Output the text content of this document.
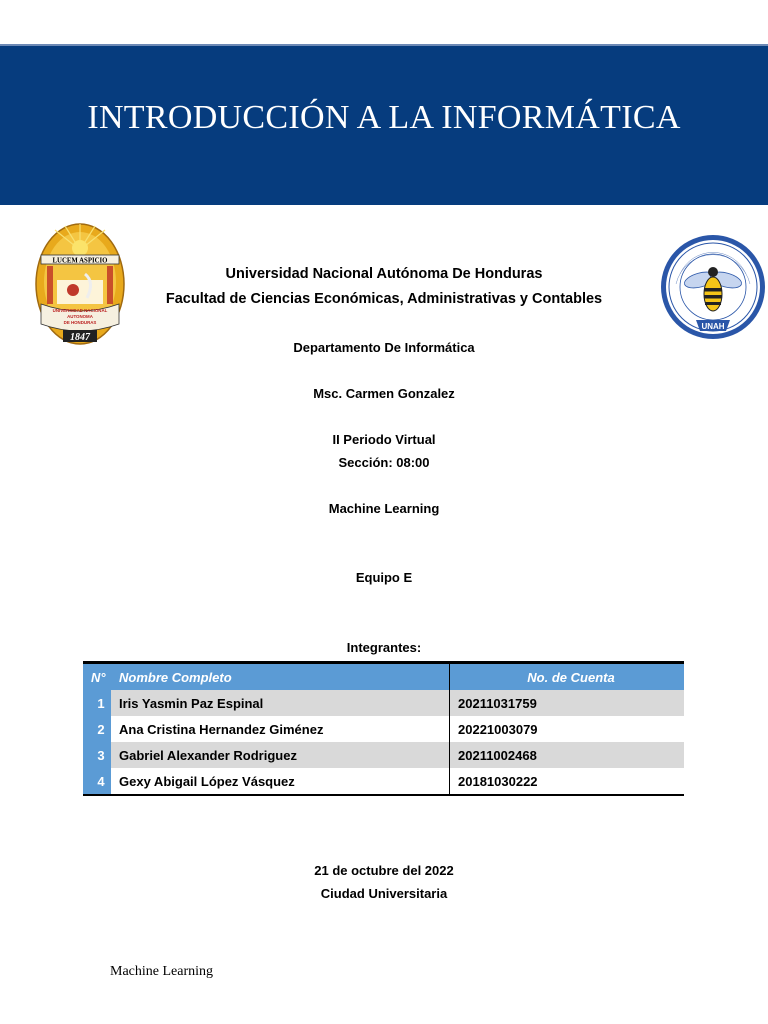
INTRODUCCIÓN A LA INFORMÁTICA
LUCEM ASPICIO
UNIVERSIDAD NACIONAL
AUTONOMA
DE HONDURAS
1847
UNAH
Universidad Nacional Autónoma De Honduras
Facultad de Ciencias Económicas, Administrativas y Contables
Departamento De Informática
Msc. Carmen Gonzalez
II Periodo Virtual
Sección: 08:00
Machine Learning
Equipo E
Integrantes:
N°	Nombre Completo	No. de Cuenta
1	Iris Yasmin Paz Espinal	20211031759
2	Ana Cristina Hernandez Giménez	20221003079
3	Gabriel Alexander Rodriguez	20211002468
4	Gexy Abigail López Vásquez	20181030222
21 de octubre del 2022
Ciudad Universitaria
Machine Learning
